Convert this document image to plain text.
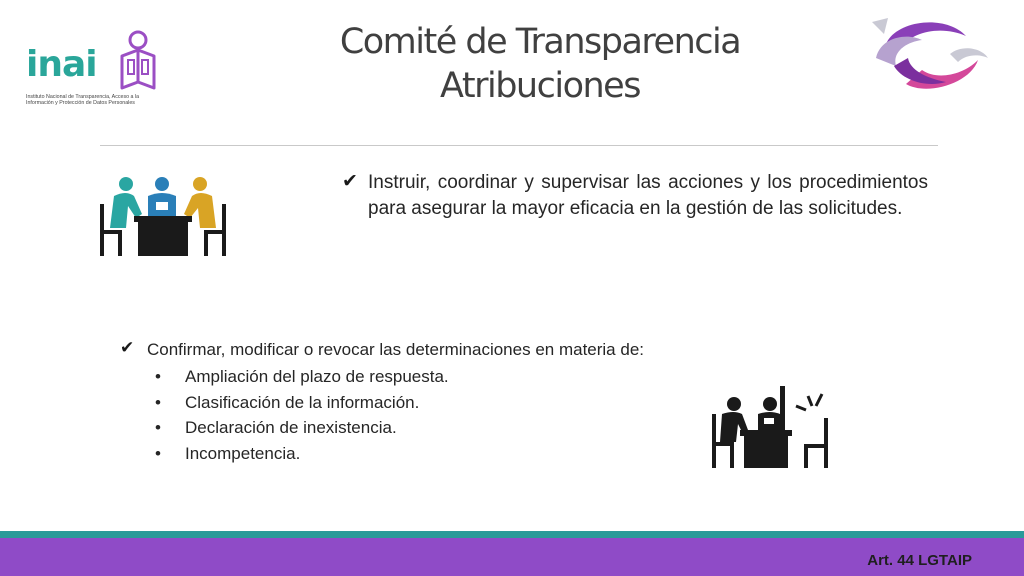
inai
Instituto Nacional de Transparencia, Acceso a la Información y Protección de Datos Personales
Comité de Transparencia
Atribuciones
✔ Instruir, coordinar y supervisar las acciones y los procedimientos para asegurar la mayor eficacia en la gestión de las solicitudes.

✔ Confirmar, modificar o revocar las determinaciones en materia de:
• Ampliación del plazo de respuesta.
• Clasificación de la información.
• Declaración de inexistencia.
• Incompetencia.
Art. 44 LGTAIP
